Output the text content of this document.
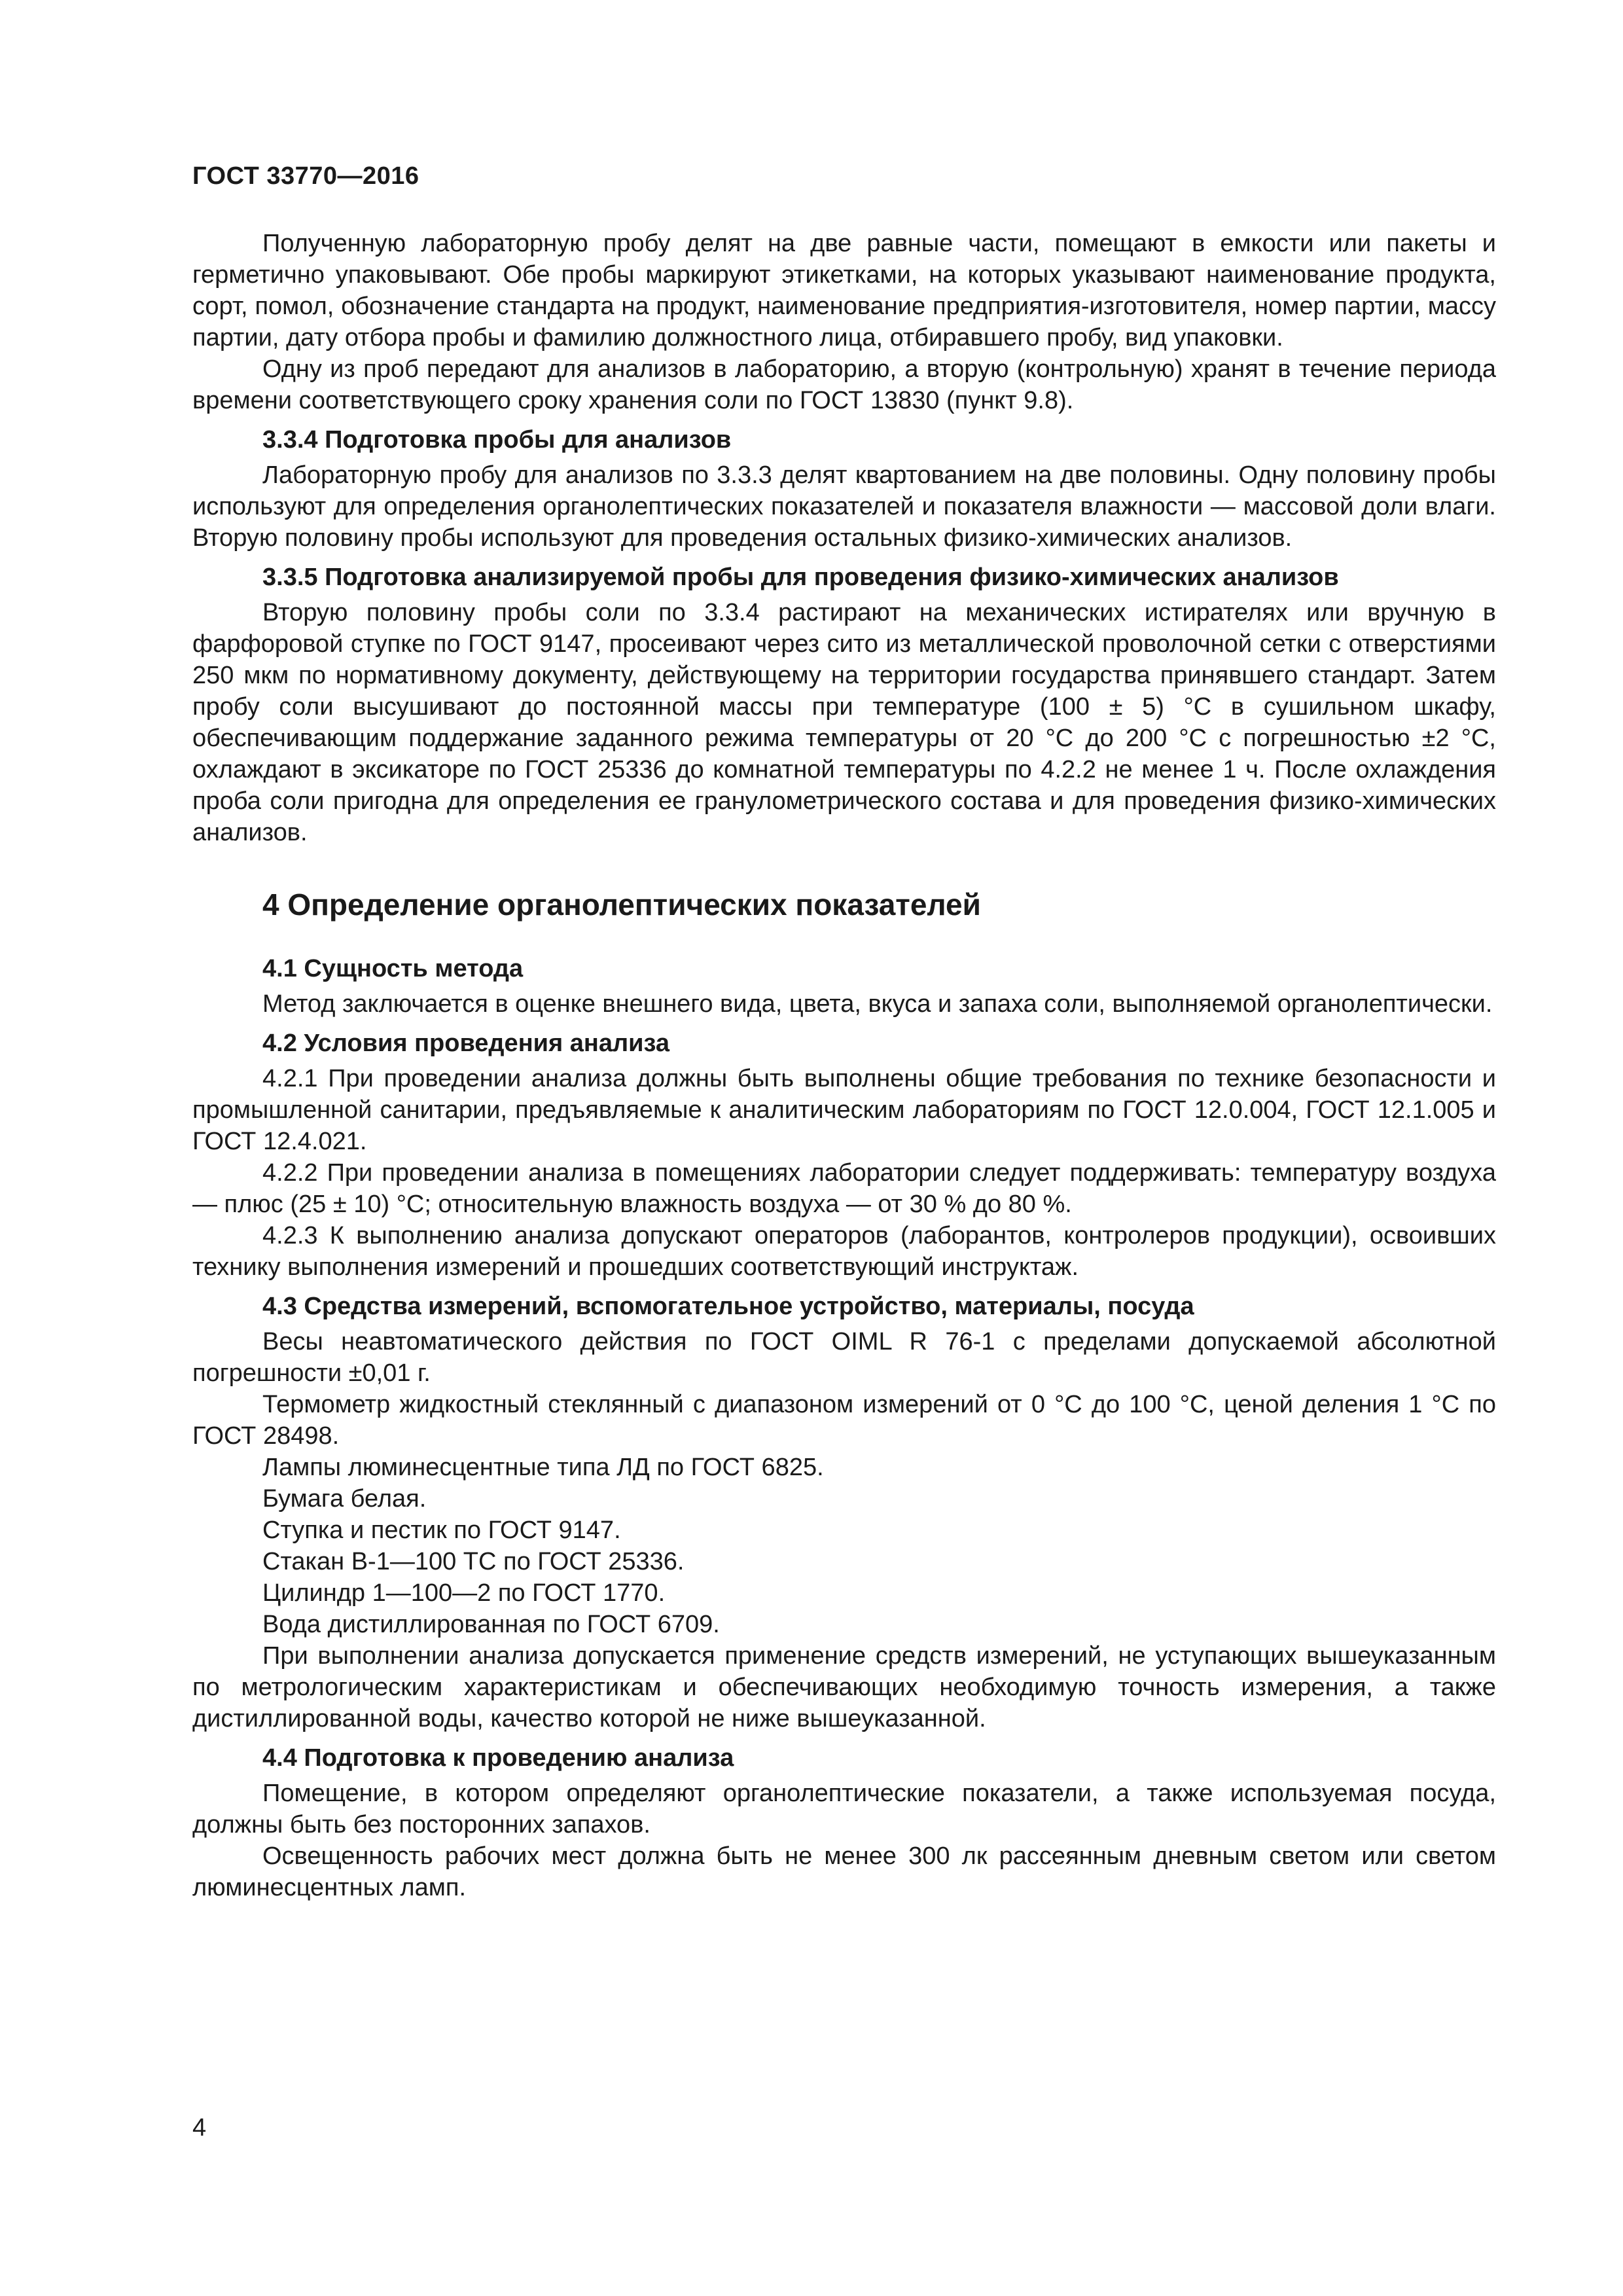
ГОСТ 33770—2016

Полученную лабораторную пробу делят на две равные части, помещают в емкости или пакеты и герметично упаковывают. Обе пробы маркируют этикетками, на которых указывают наименование продукта, сорт, помол, обозначение стандарта на продукт, наименование предприятия-изготовителя, номер партии, массу партии, дату отбора пробы и фамилию должностного лица, отбиравшего пробу, вид упаковки.

Одну из проб передают для анализов в лабораторию, а вторую (контрольную) хранят в течение периода времени соответствующего сроку хранения соли по ГОСТ 13830 (пункт 9.8).

3.3.4 Подготовка пробы для анализов

Лабораторную пробу для анализов по 3.3.3 делят квартованием на две половины. Одну половину пробы используют для определения органолептических показателей и показателя влажности — массовой доли влаги. Вторую половину пробы используют для проведения остальных физико-химических анализов.

3.3.5 Подготовка анализируемой пробы для проведения физико-химических анализов

Вторую половину пробы соли по 3.3.4 растирают на механических истирателях или вручную в фарфоровой ступке по ГОСТ 9147, просеивают через сито из металлической проволочной сетки с отверстиями 250 мкм по нормативному документу, действующему на территории государства принявшего стандарт. Затем пробу соли высушивают до постоянной массы при температуре (100 ± 5) °С в сушильном шкафу, обеспечивающим поддержание заданного режима температуры от 20 °С до 200 °С с погрешностью ±2 °С, охлаждают в эксикаторе по ГОСТ 25336 до комнатной температуры по 4.2.2 не менее 1 ч. После охлаждения проба соли пригодна для определения ее гранулометрического состава и для проведения физико-химических анализов.

4 Определение органолептических показателей
4.1 Сущность метода

Метод заключается в оценке внешнего вида, цвета, вкуса и запаха соли, выполняемой органолептически.

4.2 Условия проведения анализа

4.2.1 При проведении анализа должны быть выполнены общие требования по технике безопасности и промышленной санитарии, предъявляемые к аналитическим лабораториям по ГОСТ 12.0.004, ГОСТ 12.1.005 и ГОСТ 12.4.021.

4.2.2 При проведении анализа в помещениях лаборатории следует поддерживать: температуру воздуха — плюс (25 ± 10) °С; относительную влажность воздуха — от 30 % до 80 %.

4.2.3 К выполнению анализа допускают операторов (лаборантов, контролеров продукции), освоивших технику выполнения измерений и прошедших соответствующий инструктаж.

4.3 Средства измерений, вспомогательное устройство, материалы, посуда

Весы неавтоматического действия по ГОСТ OIML R 76-1 с пределами допускаемой абсолютной погрешности ±0,01 г.

Термометр жидкостный стеклянный с диапазоном измерений от 0 °С до 100 °С, ценой деления 1 °С по ГОСТ 28498.

Лампы люминесцентные типа ЛД по ГОСТ 6825.

Бумага белая.

Ступка и пестик по ГОСТ 9147.

Стакан В-1—100 ТС по ГОСТ 25336.

Цилиндр 1—100—2 по ГОСТ 1770.

Вода дистиллированная по ГОСТ 6709.

При выполнении анализа допускается применение средств измерений, не уступающих вышеуказанным по метрологическим характеристикам и обеспечивающих необходимую точность измерения, а также дистиллированной воды, качество которой не ниже вышеуказанной.

4.4 Подготовка к проведению анализа

Помещение, в котором определяют органолептические показатели, а также используемая посуда, должны быть без посторонних запахов.

Освещенность рабочих мест должна быть не менее 300 лк рассеянным дневным светом или светом люминесцентных ламп.

4
